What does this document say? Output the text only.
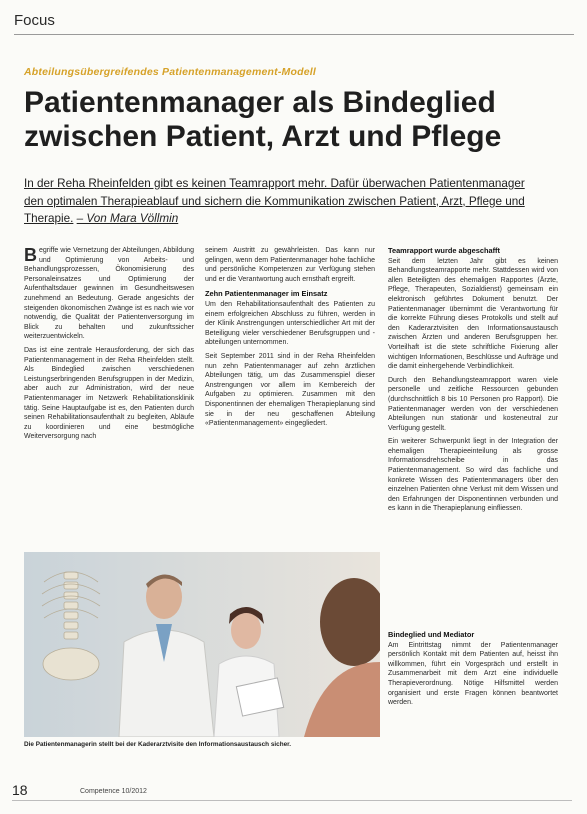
Focus
Abteilungsübergreifendes Patientenmanagement-Modell
Patientenmanager als Bindeglied zwischen Patient, Arzt und Pflege
In der Reha Rheinfelden gibt es keinen Teamrapport mehr. Dafür überwachen Patientenmanager den optimalen Therapieablauf und sichern die Kommunikation zwischen Patient, Arzt, Pflege und Therapie. – Von Mara Völlmin

Begriffe wie Vernetzung der Abteilungen, Abbildung und Optimierung von Arbeits- und Behandlungsprozessen, Ökonomisierung des Personaleinsatzes und Optimierung der Aufenthaltsdauer gewinnen im Gesundheitswesen zunehmend an Bedeutung. Gerade angesichts der steigenden ökonomischen Zwänge ist es nach wie vor notwendig, die Qualität der Patientenversorgung im Blick zu behalten und zukunftssicher weiterzuentwickeln.

Das ist eine zentrale Herausforderung, der sich das Patientenmanagement in der Reha Rheinfelden stellt. Als Bindeglied zwischen verschiedenen Leistungserbringenden Berufsgruppen in der Medizin, aber auch zur Administration, wird der neue Patientenmanager im Netzwerk Rehabilitationsklinik tätig. Seine Hauptaufgabe ist es, den Patienten durch seinen Rehabilitationsaufenthalt zu begleiten, Abläufe zu koordinieren und eine bestmögliche Weiterversorgung nach

seinem Austritt zu gewährleisten. Das kann nur gelingen, wenn dem Patientenmanager hohe fachliche und persönliche Kompetenzen zur Verfügung stehen und er die Verantwortung auch ernsthaft ergreift.

Zehn Patientenmanager im Einsatz

Um den Rehabilitationsaufenthalt des Patienten zu einem erfolgreichen Abschluss zu führen, werden in der Klinik Anstrengungen unterschiedlicher Art mit der Beteiligung vieler verschiedener Berufsgruppen und -abteilungen unternommen.

Seit September 2011 sind in der Reha Rheinfelden nun zehn Patientenmanager auf zehn ärztlichen Abteilungen tätig, um das Zusammenspiel dieser Anstrengungen vor allem im Kernbereich der Aufgaben zu optimieren. Zusammen mit den Disponentinnen der ehemaligen Therapieplanung sind sie in der neu geschaffenen Abteilung «Patientenmanagement» eingegliedert.

Teamrapport wurde abgeschafft

Seit dem letzten Jahr gibt es keinen Behandlungsteamrapporte mehr. Stattdessen wird von allen Beteiligten des ehemaligen Rapportes (Ärzte, Pflege, Therapeuten, Sozialdienst) gemeinsam ein elektronisch geführtes Dokument benutzt. Der Patientenmanager übernimmt die Verantwortung für die korrekte Führung dieses Protokolls und stellt auf den Kaderarztvisiten den Informationsaustausch zwischen Ärzten und anderen Berufsgruppen her. Vorteilhaft ist die stete schriftliche Fixierung aller wichtigen Informationen, Beschlüsse und Aufträge und die damit einhergehende Verbindlichkeit.

Durch den Behandlungsteamrapport waren viele personelle und zeitliche Ressourcen gebunden (durchschnittlich 8 bis 10 Personen pro Rapport). Die Patientenmanager werden von der verschiedenen Abteilungen nun stationär und kosteneutral zur Verfügung gestellt.

Ein weiterer Schwerpunkt liegt in der Integration der ehemaligen Therapieeinteilung als grosse Informationsdrehscheibe in das Patientenmanagement. So wird das fachliche und konkrete Wissen des Patientenmanagers über den einzelnen Patienten ohne Verlust mit dem Wissen und den Erfahrungen der Disponentinnen verbunden und es kann in die Therapieplanung einfliessen.

Bindeglied und Mediator

Am Eintrittstag nimmt der Patientenmanager persönlich Kontakt mit dem Patienten auf, heisst ihn willkommen, führt ein Vorgespräch und erstellt in Zusammenarbeit mit dem Arzt eine individuelle Therapieverordnung. Nötige Hilfsmittel werden organisiert und erste Fragen können beantwortet werden.

Die Patientenmanagerin stellt bei der Kaderarztvisite den Informationsaustausch sicher.
18	Competence 10/2012
